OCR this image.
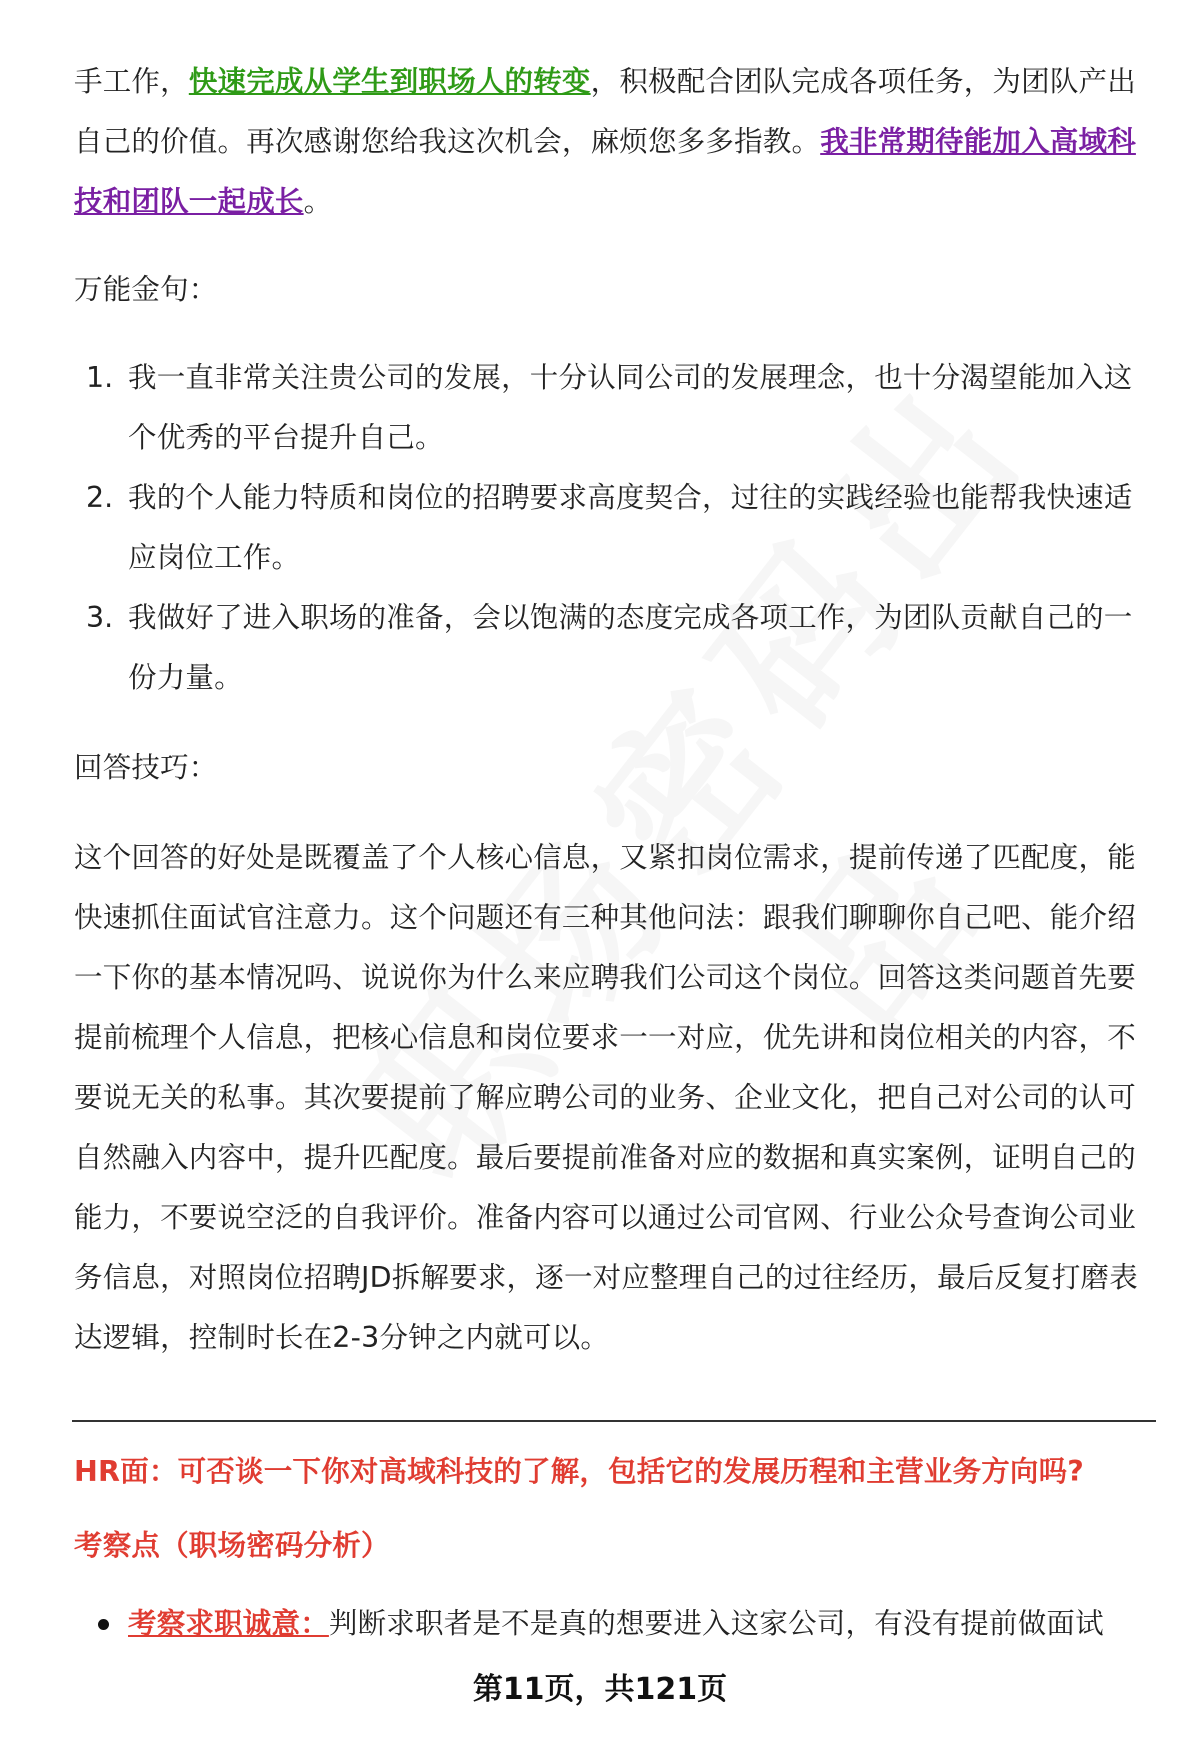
手工作，快速完成从学生到职场人的转变，积极配合团队完成各项任务，为团队产出自己的价值。再次感谢您给我这次机会，麻烦您多多指教。我非常期待能加入高域科技和团队一起成长。

万能金句：

1. 我一直非常关注贵公司的发展，十分认同公司的发展理念，也十分渴望能加入这个优秀的平台提升自己。
2. 我的个人能力特质和岗位的招聘要求高度契合，过往的实践经验也能帮我快速适应岗位工作。
3. 我做好了进入职场的准备，会以饱满的态度完成各项工作，为团队贡献自己的一份力量。

回答技巧：

这个回答的好处是既覆盖了个人核心信息，又紧扣岗位需求，提前传递了匹配度，能快速抓住面试官注意力。这个问题还有三种其他问法：跟我们聊聊你自己吧、能介绍一下你的基本情况吗、说说你为什么来应聘我们公司这个岗位。回答这类问题首先要提前梳理个人信息，把核心信息和岗位要求一一对应，优先讲和岗位相关的内容，不要说无关的私事。其次要提前了解应聘公司的业务、企业文化，把自己对公司的认可自然融入内容中，提升匹配度。最后要提前准备对应的数据和真实案例，证明自己的能力，不要说空泛的自我评价。准备内容可以通过公司官网、行业公众号查询公司业务信息，对照岗位招聘JD拆解要求，逐一对应整理自己的过往经历，最后反复打磨表达逻辑，控制时长在2-3分钟之内就可以。

HR面：可否谈一下你对高域科技的了解，包括它的发展历程和主营业务方向吗?

考察点（职场密码分析）

考察求职诚意：判断求职者是不是真的想要进入这家公司，有没有提前做面试

第11页，共121页
